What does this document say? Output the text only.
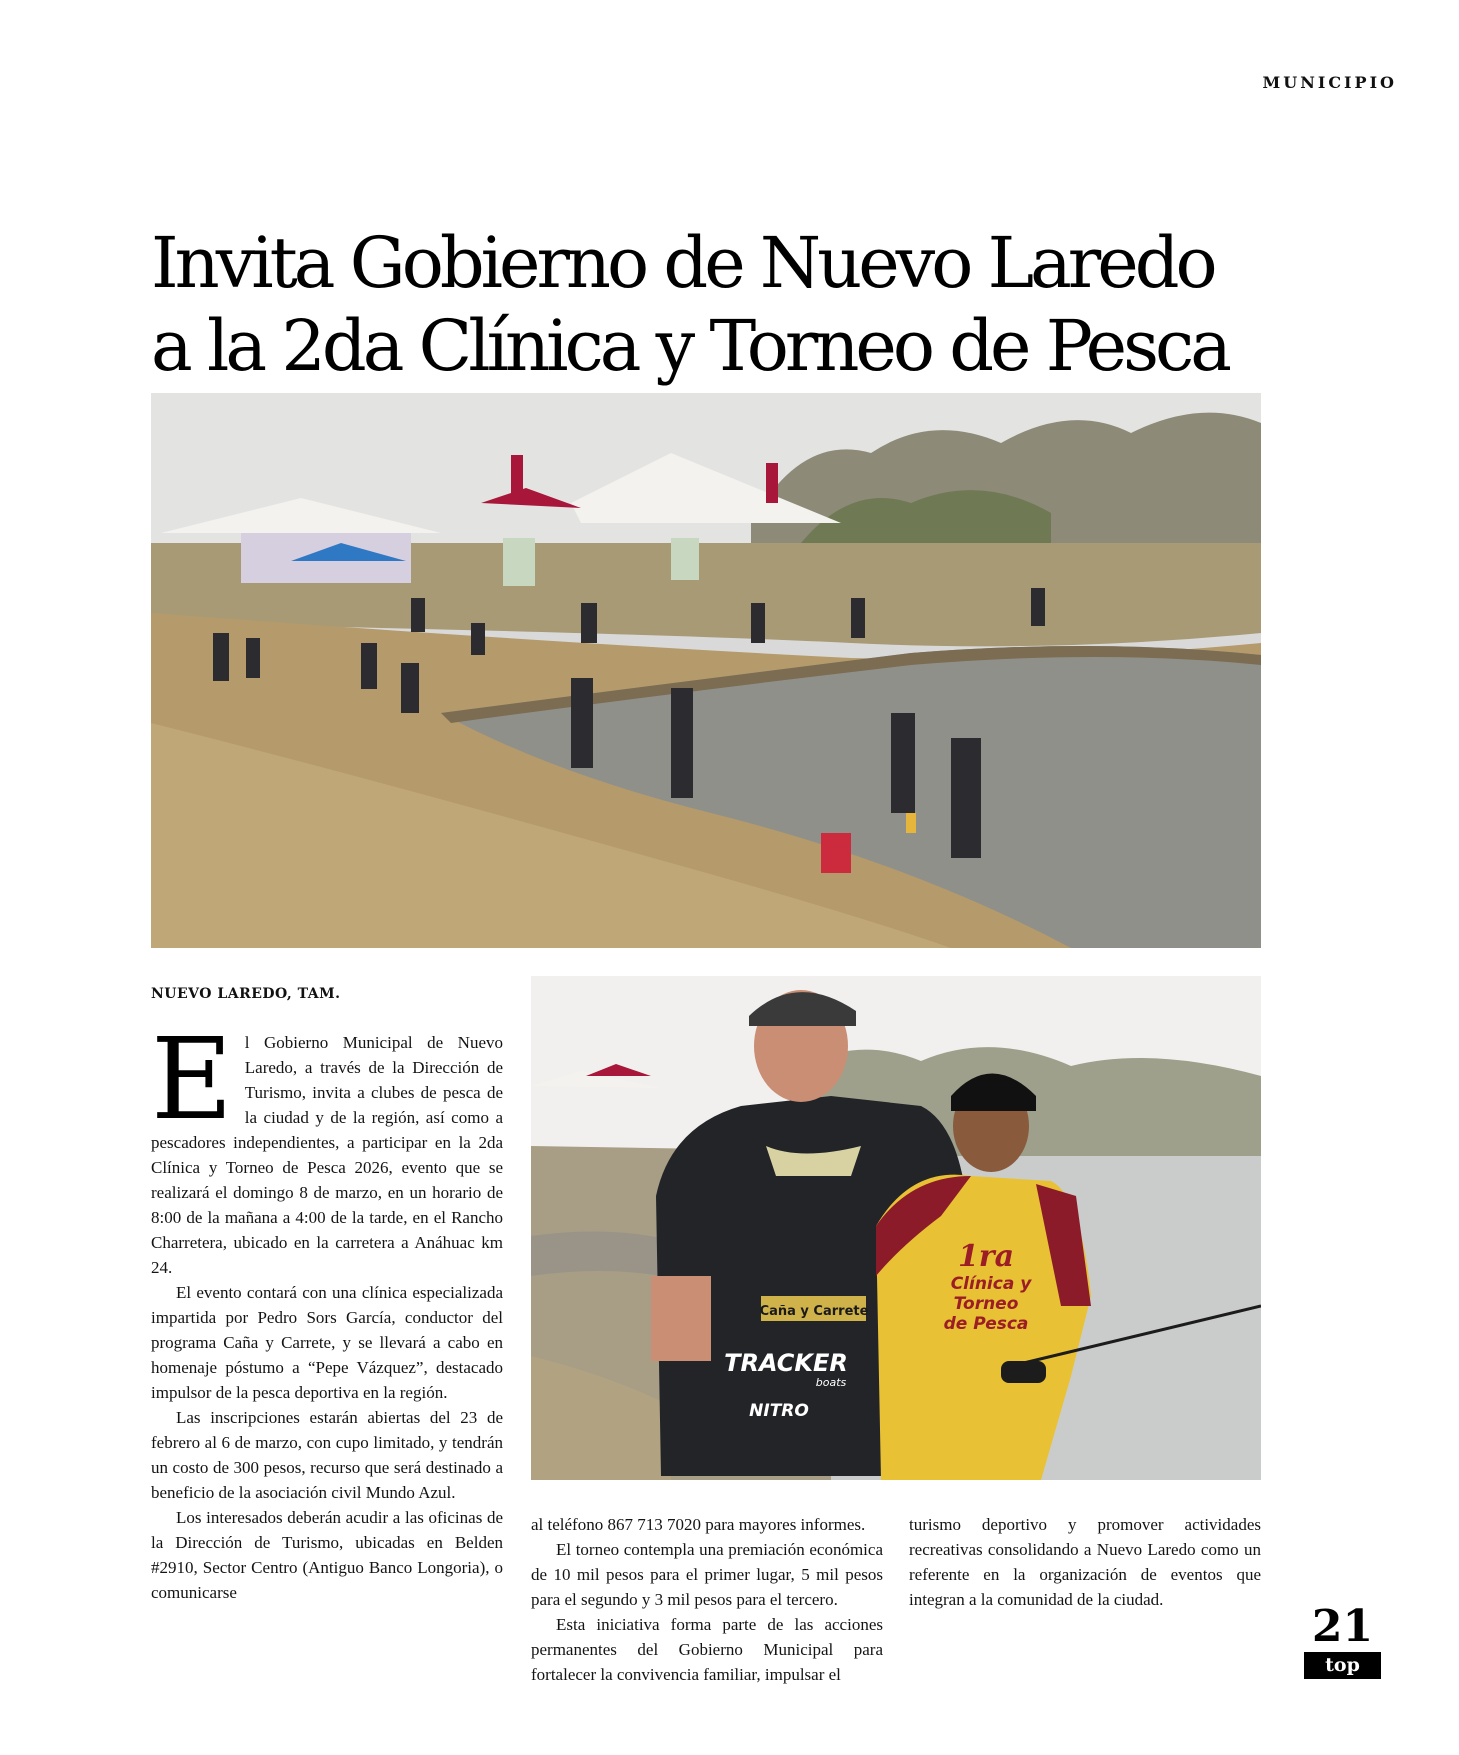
MUNICIPIO
Invita Gobierno de Nuevo Laredo a la 2da Clínica y Torneo de Pesca
NUEVO LAREDO, TAM.

El Gobierno Municipal de Nuevo Laredo, a través de la Dirección de Turismo, invita a clubes de pesca de la ciudad y de la región, así como a pescadores independientes, a participar en la 2da Clínica y Torneo de Pesca 2026, evento que se realizará el domingo 8 de marzo, en un horario de 8:00 de la mañana a 4:00 de la tarde, en el Rancho Charretera, ubicado en la carretera a Anáhuac km 24.

El evento contará con una clínica especializada impartida por Pedro Sors García, conductor del programa Caña y Carrete, y se llevará a cabo en homenaje póstumo a “Pepe Vázquez”, destacado impulsor de la pesca deportiva en la región.

Las inscripciones estarán abiertas del 23 de febrero al 6 de marzo, con cupo limitado, y tendrán un costo de 300 pesos, recurso que será destinado a beneficio de la asociación civil Mundo Azul.

Los interesados deberán acudir a las oficinas de la Dirección de Turismo, ubicadas en Belden #2910, Sector Centro (Antiguo Banco Longoria), o comunicarse

Caña y Carrete
TRACKER
boats
NITRO
1ra
Clínica y
Torneo
de Pesca

al teléfono 867 713 7020 para mayores informes.

El torneo contempla una premiación económica de 10 mil pesos para el primer lugar, 5 mil pesos para el segundo y 3 mil pesos para el tercero.

Esta iniciativa forma parte de las acciones permanentes del Gobierno Municipal para fortalecer la convivencia familiar, impulsar el

turismo deportivo y promover actividades recreativas consolidando a Nuevo Laredo como un referente en la organización de eventos que integran a la comunidad de la ciudad.

21
top
